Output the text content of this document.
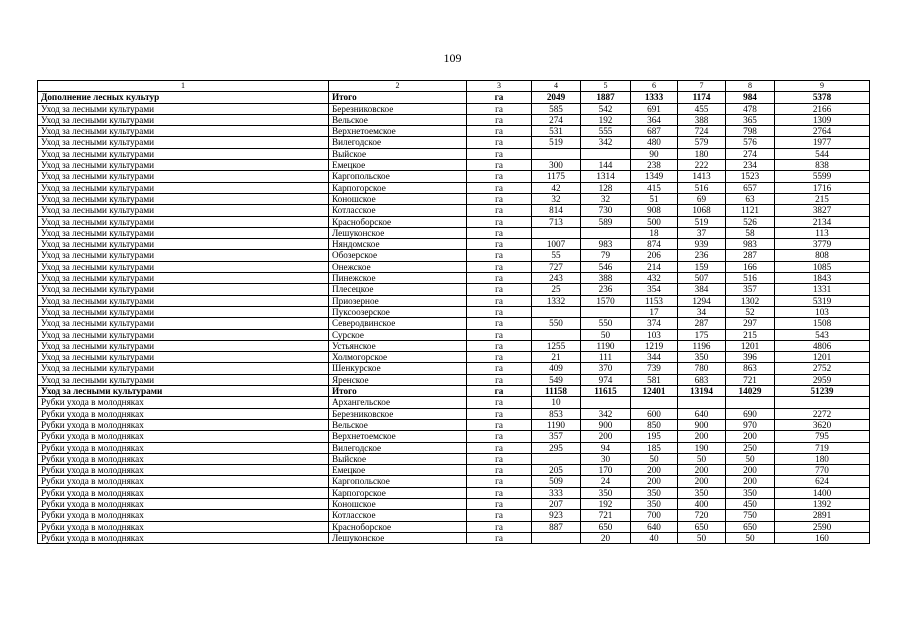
109
1	2	3	4	5	6	7	8	9
Дополнение лесных культур	Итого	га	2049	1887	1333	1174	984	5378
Уход за лесными культурами	Березниковское	га	585	542	691	455	478	2166
Уход за лесными культурами	Вельское	га	274	192	364	388	365	1309
Уход за лесными культурами	Верхнетоемское	га	531	555	687	724	798	2764
Уход за лесными культурами	Вилегодское	га	519	342	480	579	576	1977
Уход за лесными культурами	Выйское	га			90	180	274	544
Уход за лесными культурами	Емецкое	га	300	144	238	222	234	838
Уход за лесными культурами	Каргопольское	га	1175	1314	1349	1413	1523	5599
Уход за лесными культурами	Карпогорское	га	42	128	415	516	657	1716
Уход за лесными культурами	Коношское	га	32	32	51	69	63	215
Уход за лесными культурами	Котласское	га	814	730	908	1068	1121	3827
Уход за лесными культурами	Красноборское	га	713	589	500	519	526	2134
Уход за лесными культурами	Лешуконское	га			18	37	58	113
Уход за лесными культурами	Няндомское	га	1007	983	874	939	983	3779
Уход за лесными культурами	Обозерское	га	55	79	206	236	287	808
Уход за лесными культурами	Онежское	га	727	546	214	159	166	1085
Уход за лесными культурами	Пинежское	га	243	388	432	507	516	1843
Уход за лесными культурами	Плесецкое	га	25	236	354	384	357	1331
Уход за лесными культурами	Приозерное	га	1332	1570	1153	1294	1302	5319
Уход за лесными культурами	Пуксоозерское	га			17	34	52	103
Уход за лесными культурами	Северодвинское	га	550	550	374	287	297	1508
Уход за лесными культурами	Сурское	га		50	103	175	215	543
Уход за лесными культурами	Устьянское	га	1255	1190	1219	1196	1201	4806
Уход за лесными культурами	Холмогорское	га	21	111	344	350	396	1201
Уход за лесными культурами	Шенкурское	га	409	370	739	780	863	2752
Уход за лесными культурами	Яренское	га	549	974	581	683	721	2959
Уход за лесными культурами	Итого	га	11158	11615	12401	13194	14029	51239
Рубки ухода в молодняках	Архангельское	га	10					
Рубки ухода в молодняках	Березниковское	га	853	342	600	640	690	2272
Рубки ухода в молодняках	Вельское	га	1190	900	850	900	970	3620
Рубки ухода в молодняках	Верхнетоемское	га	357	200	195	200	200	795
Рубки ухода в молодняках	Вилегодское	га	295	94	185	190	250	719
Рубки ухода в молодняках	Выйское	га		30	50	50	50	180
Рубки ухода в молодняках	Емецкое	га	205	170	200	200	200	770
Рубки ухода в молодняках	Каргопольское	га	509	24	200	200	200	624
Рубки ухода в молодняках	Карпогорское	га	333	350	350	350	350	1400
Рубки ухода в молодняках	Коношское	га	207	192	350	400	450	1392
Рубки ухода в молодняках	Котласское	га	923	721	700	720	750	2891
Рубки ухода в молодняках	Красноборское	га	887	650	640	650	650	2590
Рубки ухода в молодняках	Лешуконское	га		20	40	50	50	160
